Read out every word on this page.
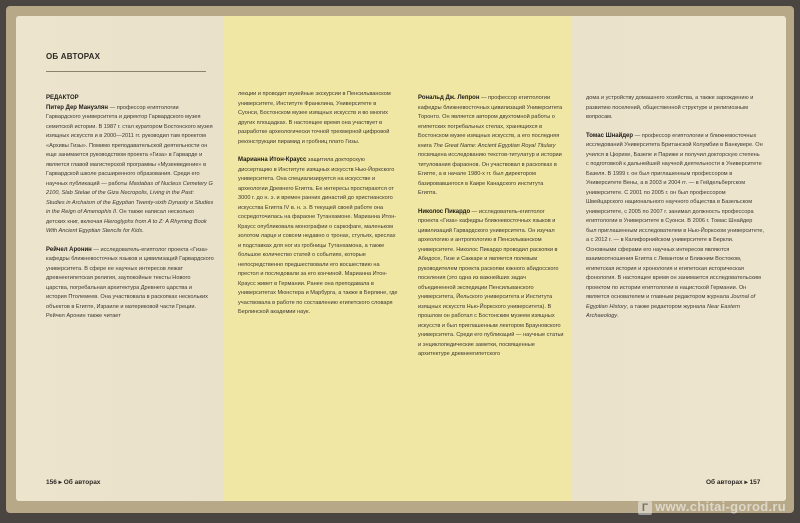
ОБ АВТОРАХ

РЕДАКТОР
Питер Дер Мануэлян — профессор египтологии Гарвардского университета и директор Гарвардского музея семитской истории. В 1987 г. стал куратором Бостонского музея изящных искусств и в 2000—2011 гг. руководил там проектом «Архивы Гизы». Помимо преподавательской деятельности он еще занимается руководством проекта «Гиза» в Гарварде и является главой магистерской программы «Музееведение» в Гарвардской школе расширенного образования. Среди его научных публикаций — работы Mastabas of Nucleus Cemetery G 2100, Slab Stelae of the Giza Necropolis, Living in the Past: Studies in Archaism of the Egyptian Twenty-sixth Dynasty и Studies in the Reign of Amenophis II. Он также написал несколько детских книг, включая Hieroglyphs from A to Z: A Rhyming Book With Ancient Egyptian Stencils for Kids.

Рейчел Аронин — исследователь-египтолог проекта «Гиза» кафедры ближневосточных языков и цивилизаций Гарвардского университета. В сфере ее научных интересов лежат древнеегипетская религия, заупокойные тексты Нового царства, погребальная архитектура Древнего царства и история Птолемеев. Она участвовала в раскопках нескольких объектов в Египте, Израиле и материковой части Греции. Рейчел Аронин также читает

лекции и проводит музейные экскурсии в Пенсильванском университете, Институте Франклина, Университете в Суонси, Бостонском музее изящных искусств и во многих других площадках. В настоящее время она участвует в разработке археологически точной трехмерной цифровой реконструкции пирамид и гробниц плато Гизы.

Марианна Итон-Краусс защитила докторскую диссертацию в Институте изящных искусств Нью-Йоркского университета. Она специализируется на искусстве и археологии Древнего Египта. Ее интересы простираются от 3000 г. до н. э. и времен ранних династий до христианского искусства Египта IV в. н. э. В текущей своей работе она сосредоточилась на фараоне Тутанхамоне. Марианна Итон-Краусс опубликовала монографии о саркофаге, маленьком золотом ларце и совсем недавно о тронах, стульях, креслах и подставках для ног из гробницы Тутанхамона, а также большое количество статей о событиях, которые непосредственно предшествовали его восшествию на престол и последовали за его кончиной. Марианна Итон-Краусс живет в Германии. Ранее она преподавала в университетах Мюнстера и Марбурга, а также в Берлине, где участвовала в работе по составлению египетского словаря Берлинской академии наук.

156 ▸ Об авторах

Рональд Дж. Лепрон — профессор египтологии кафедры ближневосточных цивилизаций Университета Торонто. Он является автором двухтомной работы о египетских погребальных стелах, хранящихся в Бостонском музее изящных искусств, а его последняя книга The Great Name: Ancient Egyptian Royal Titulary посвящена исследованию текстов-титулатур и истории титулования фараонов. Он участвовал в раскопках в Египте, а в начале 1980-х гг. был директором базировавшегося в Каире Канадского института Египта.

Николос Пикардо — исследователь-египтолог проекта «Гиза» кафедры ближневосточных языков и цивилизаций Гарвардского университета. Он изучал археологию и антропологию в Пенсильванском университете. Николос Пикардо проводил раскопки в Абидосе, Гизе и Саккаре и является полевым руководителем проекта раскопки южного абидосского поселения (это одна из важнейших задач объединенной экспедиции Пенсильванского университета, Йельского университета и Института изящных искусств Нью-Йоркского университета). В прошлом он работал с Бостонским музеем изящных искусств и был приглашенным лектором Брауновского университета. Среди его публикаций — научные статьи и энциклопедические заметки, посвященные архитектуре древнеегипетского

дома и устройству домашнего хозяйства, а также зарождению и развитию поселений, общественной структуре и религиозным вопросам.

Томас Шнайдер — профессор египтологии и ближневосточных исследований Университета Британской Колумбии в Ванкувере. Он учился в Цюрихе, Базеле и Париже и получил докторскую степень с подготовкой к дальнейшей научной деятельности в Университете Базеля. В 1999 г. он был приглашенным профессором в Университете Вены, а в 2003 и 2004 гг. — в Гейдельбергском университете. С 2001 по 2005 г. он был профессором Швейцарского национального научного общества в Базельском университете, с 2005 по 2007 г. занимал должность профессора египтологии в Университете в Суонси. В 2006 г. Томас Шнайдер был приглашенным исследователем в Нью-Йоркском университете, а с 2012 г. — в Калифорнийском университете в Беркли. Основными сферами его научных интересов являются взаимоотношения Египта с Левантом и Ближним Востоком, египетская история и хронология и египетская историческая фонология. В настоящее время он занимается исследовательским проектом по истории египтологии в нацистской Германии. Он является основателем и главным редактором журнала Journal of Egyptian History, а также редактором журнала Near Eastern Archaeology.

Об авторах ▸ 157
Г www.chitai-gorod.ru
